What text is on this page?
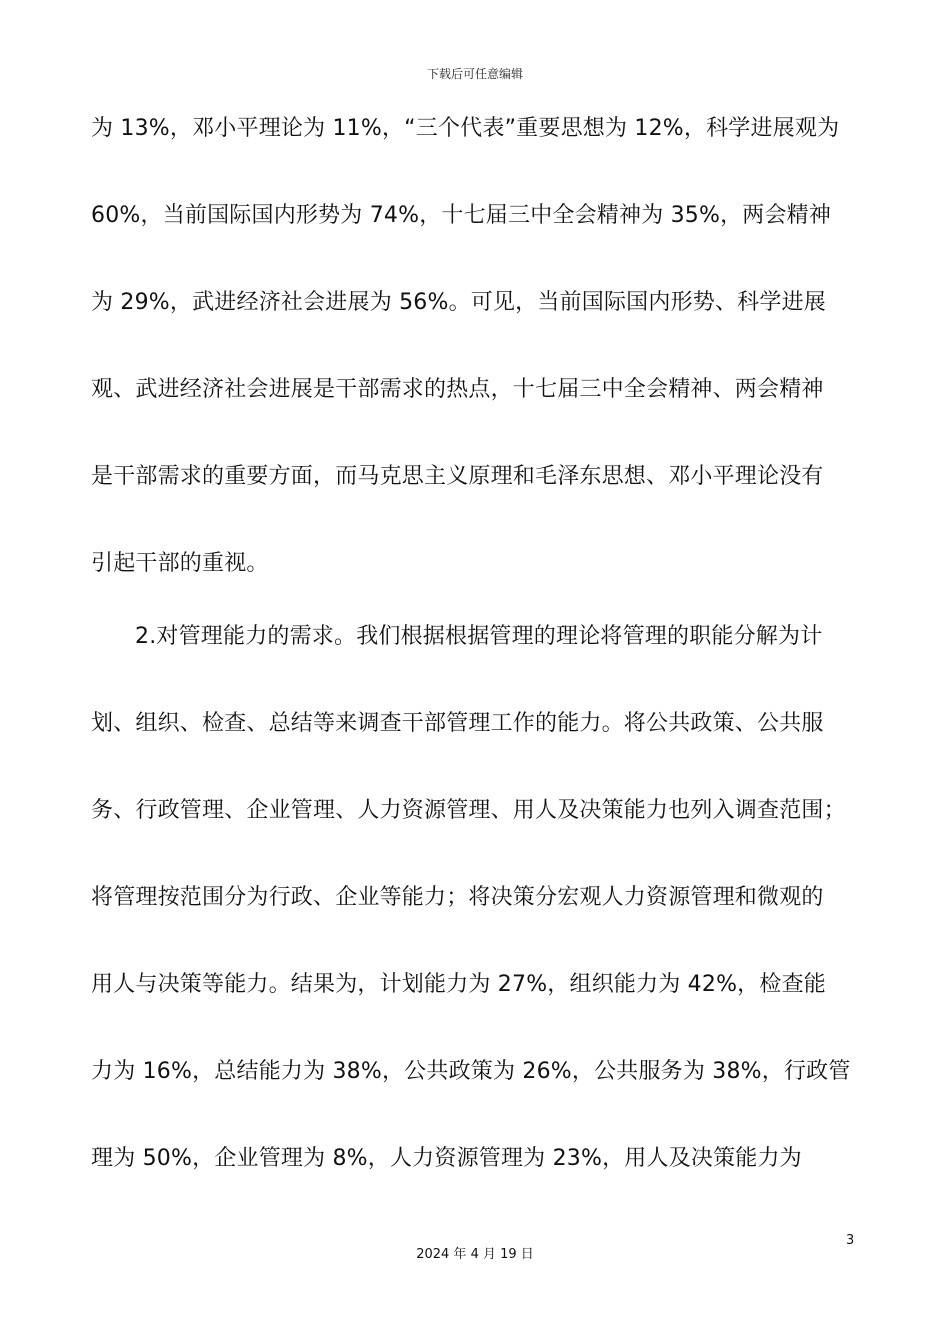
下载后可任意编辑
为 13%，邓小平理论为 11%，“三个代表”重要思想为 12%，科学进展观为
60%，当前国际国内形势为 74%，十七届三中全会精神为 35%，两会精神
为 29%，武进经济社会进展为 56%。可见，当前国际国内形势、科学进展
观、武进经济社会进展是干部需求的热点，十七届三中全会精神、两会精神
是干部需求的重要方面，而马克思主义原理和毛泽东思想、邓小平理论没有
引起干部的重视。
2.对管理能力的需求。我们根据根据管理的理论将管理的职能分解为计
划、组织、检查、总结等来调查干部管理工作的能力。将公共政策、公共服
务、行政管理、企业管理、人力资源管理、用人及决策能力也列入调查范围；
将管理按范围分为行政、企业等能力；将决策分宏观人力资源管理和微观的
用人与决策等能力。结果为，计划能力为 27%，组织能力为 42%，检查能
力为 16%，总结能力为 38%，公共政策为 26%，公共服务为 38%，行政管
理为 50%，企业管理为 8%，人力资源管理为 23%，用人及决策能力为
3
2024 年 4 月 19 日
